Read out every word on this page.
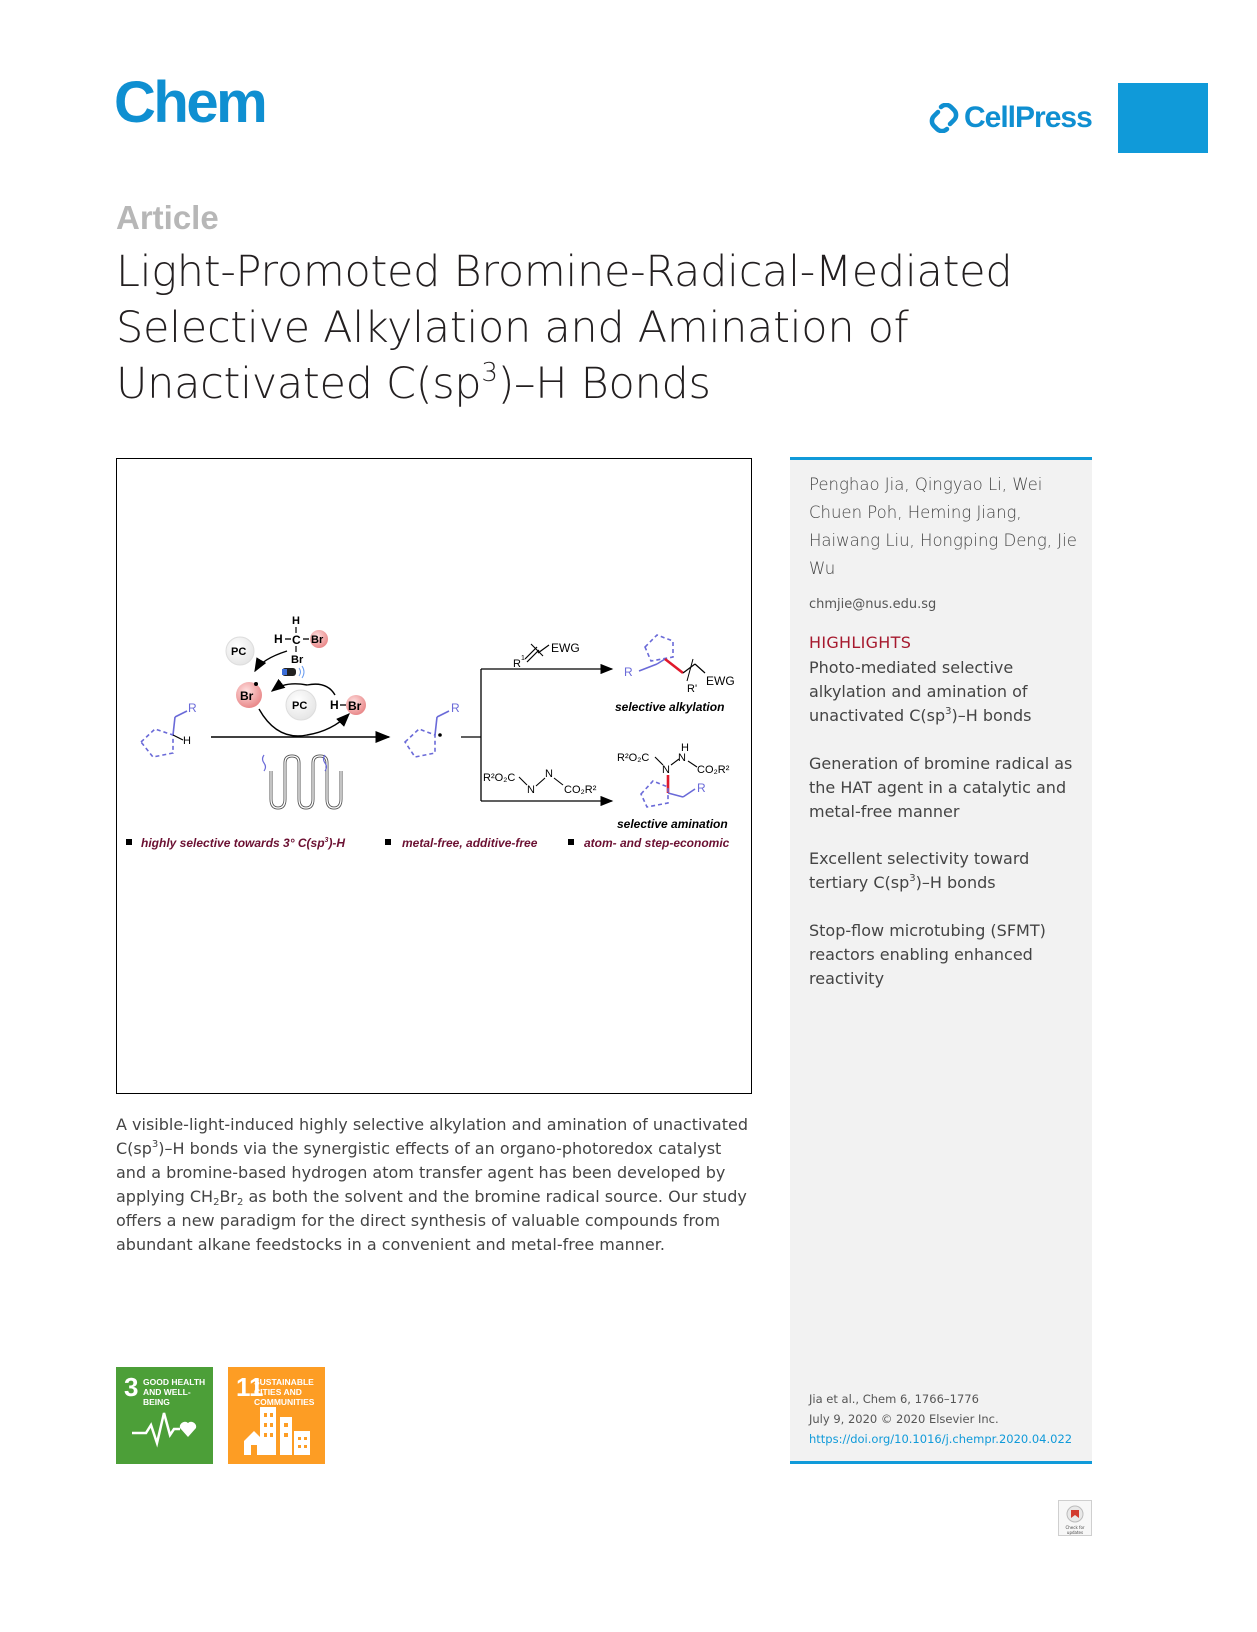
Chem	CellPress
Article
Light-Promoted Bromine-Radical-Mediated
Selective Alkylation and Amination of
Unactivated $C(sp^3)-H$ Bonds
R
H
H
H C Br
Br
PC
Br
PC H Br	R
R 1
EWG
R²O₂C
N
N
CO₂R²
R
EWG
R'
selective alkylation
R²O₂C
N
N
H
CO₂R²
R
selective amination
highly selective towards 3° $C(sp^3)-H$	metal-free, additive-free	atom- and step-economic
Penghao Jia, Qingyao Li, Wei Chuen Poh, Heming Jiang, Haiwang Liu, Hongping Deng, Jie Wu
chmjie@nus.edu.sg
HIGHLIGHTS
Photo-mediated selective alkylation and amination of unactivated $C(sp^3)-H$ bonds
Generation of bromine radical as the HAT agent in a catalytic and metal-free manner
Excellent selectivity toward tertiary $C(sp^3)-H$ bonds
Stop-flow microtubing (SFMT) reactors enabling enhanced reactivity
Jia et al., Chem 6, 1766–1776
July 9, 2020 © 2020 Elsevier Inc.
https://doi.org/10.1016/j.chempr.2020.04.022
A visible-light-induced highly selective alkylation and amination of unactivated $C(sp^3)-H$ bonds via the synergistic effects of an organo-photoredox catalyst and a bromine-based hydrogen atom transfer agent has been developed by applying $CH_2Br_2$ as both the solvent and the bromine radical source. Our study offers a new paradigm for the direct synthesis of valuable compounds from abundant alkane feedstocks in a convenient and metal-free manner.
3 GOOD HEALTH AND WELL-BEING	11
SUSTAINABLE CITIES AND COMMUNITIES
Check for updates
